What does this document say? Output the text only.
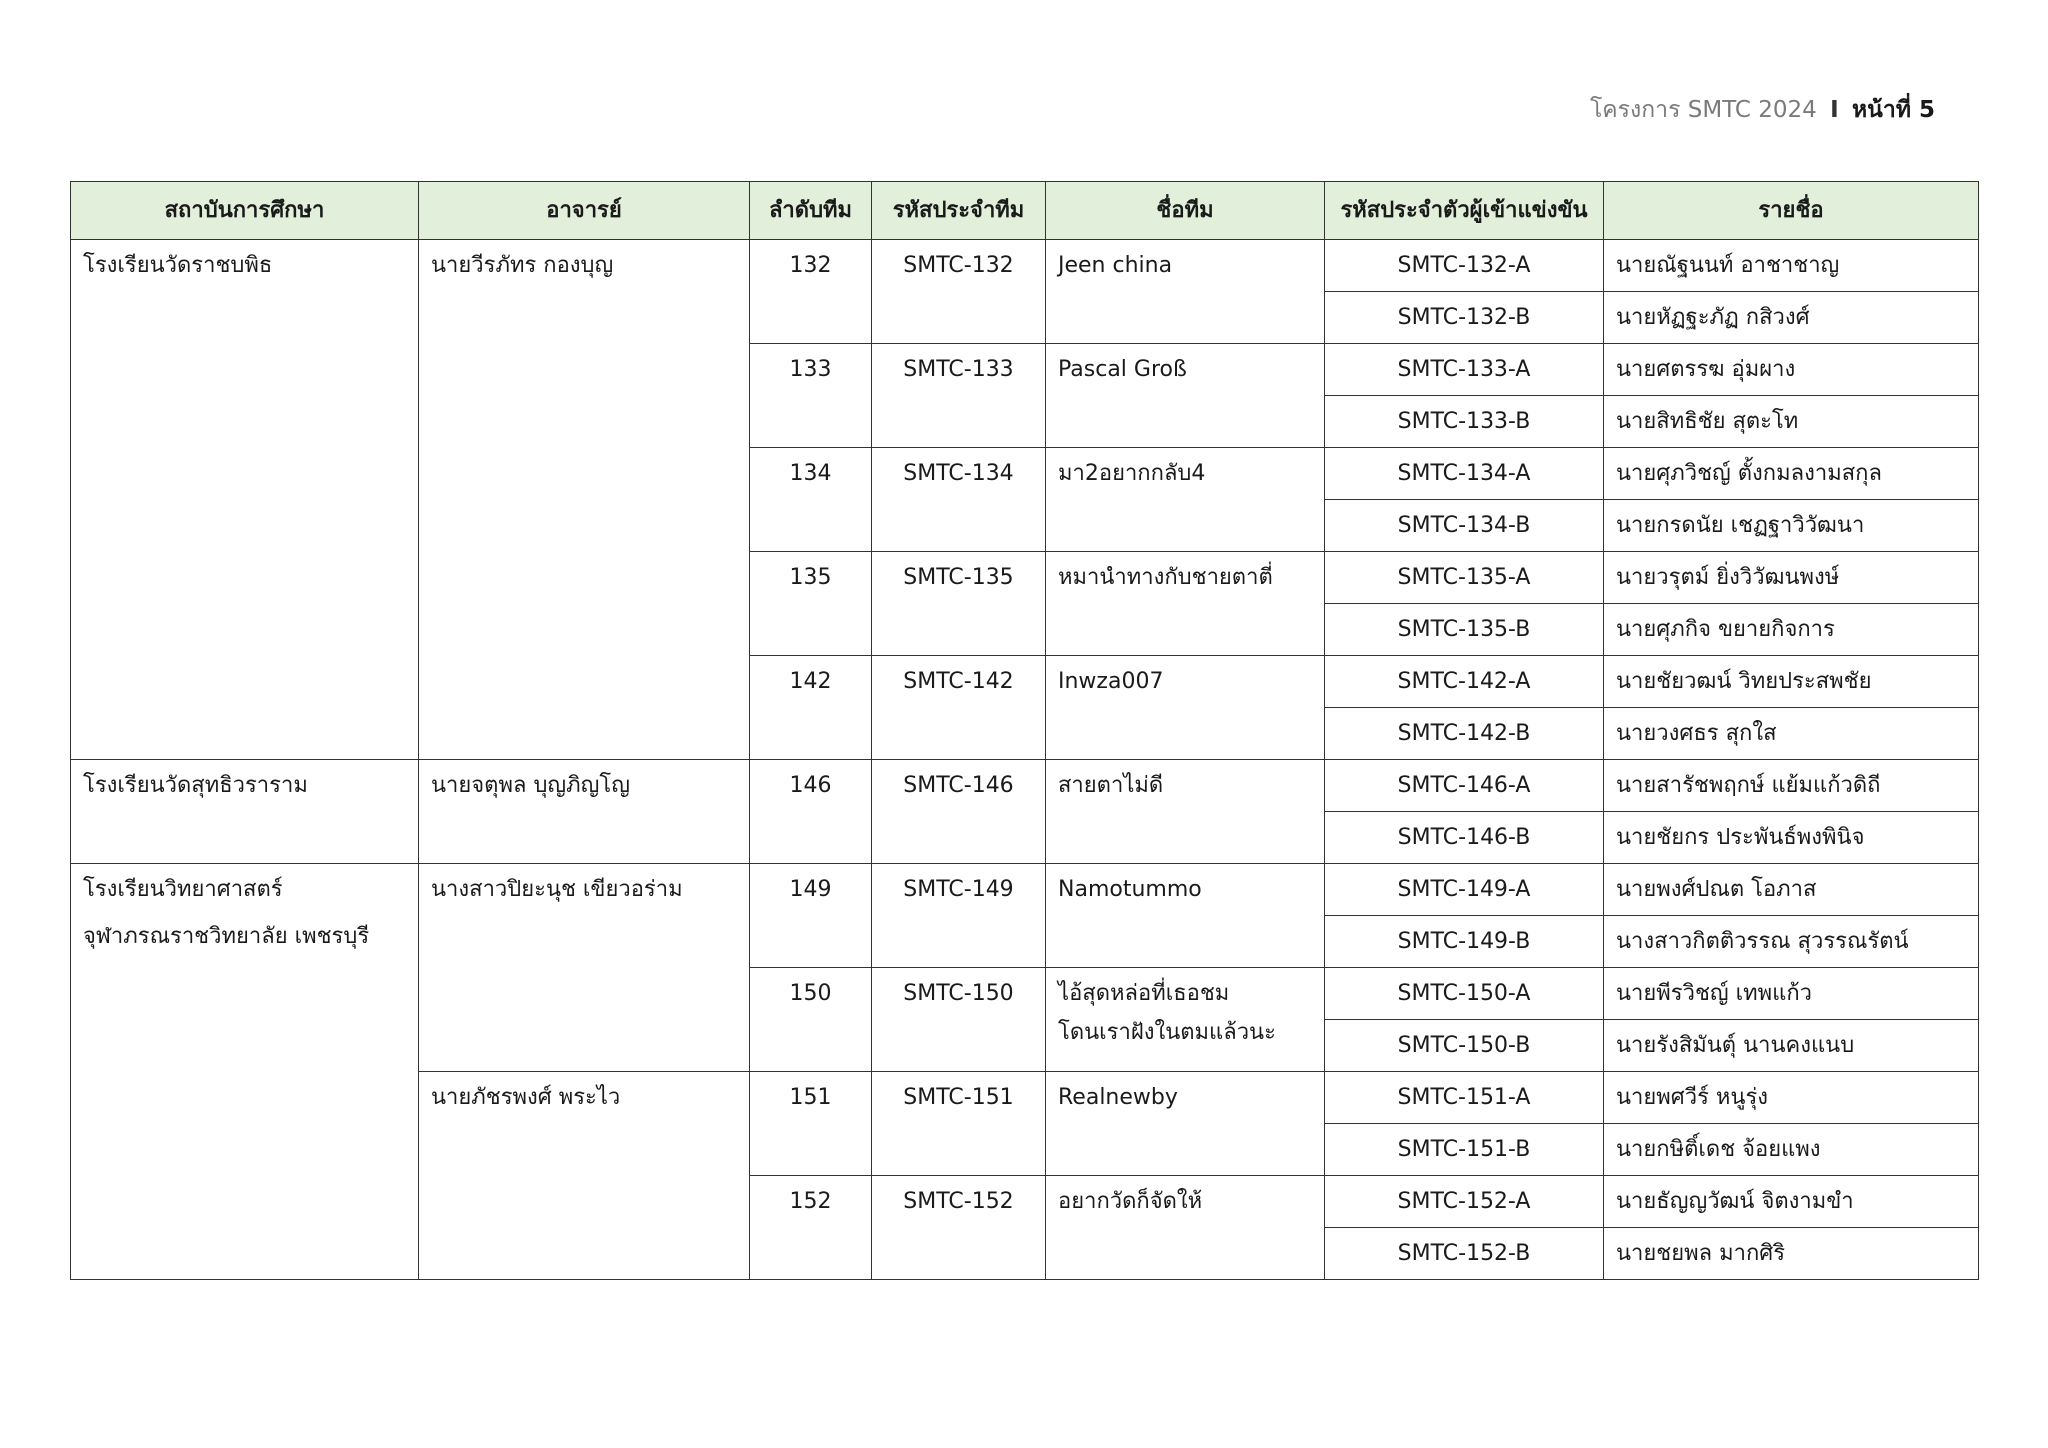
โครงการ SMTC 2024 I หน้าที่ 5
สถาบันการศึกษา	อาจารย์	ลำดับทีม	รหัสประจำทีม	ชื่อทีม	รหัสประจำตัวผู้เข้าแข่งขัน	รายชื่อ
โรงเรียนวัดราชบพิธ	นายวีรภัทร กองบุญ	132	SMTC-132	Jeen china	SMTC-132-A	นายณัฐนนท์ อาชาชาญ
					SMTC-132-B	นายหัฏฐะภัฏ กสิวงศ์
		133	SMTC-133	Pascal Groß	SMTC-133-A	นายศตรรฆ อุ่มผาง
					SMTC-133-B	นายสิทธิชัย สุตะโท
		134	SMTC-134	มา2อยากกลับ4	SMTC-134-A	นายศุภวิชญ์ ตั้งกมลงามสกุล
					SMTC-134-B	นายกรดนัย เชฏฐาวิวัฒนา
		135	SMTC-135	หมานำทางกับชายตาตี่	SMTC-135-A	นายวรุตม์ ยิ่งวิวัฒนพงษ์
					SMTC-135-B	นายศุภกิจ ขยายกิจการ
		142	SMTC-142	Inwza007	SMTC-142-A	นายชัยวฒน์ วิทยประสพชัย
					SMTC-142-B	นายวงศธร สุกใส
โรงเรียนวัดสุทธิวราราม	นายจตุพล บุญภิญโญ	146	SMTC-146	สายตาไม่ดี	SMTC-146-A	นายสารัชพฤกษ์ แย้มแก้วดิถี
					SMTC-146-B	นายชัยกร ประพันธ์พงพินิจ

โรงเรียนวิทยาศาสตร์
จุฬาภรณราชวิทยาลัย เพชรบุรี	นางสาวปิยะนุช เขียวอร่าม	149	SMTC-149	Namotummo	SMTC-149-A	นายพงศ์ปณต โอภาส
					SMTC-149-B	นางสาวกิตติวรรณ สุวรรณรัตน์
		150	SMTC-150	ไอ้สุดหล่อที่เธอชม
โดนเราฝังในตมแล้วนะ	SMTC-150-A	นายพีรวิชญ์ เทพแก้ว
					SMTC-150-B	นายรังสิมันตุ์ นานคงแนบ
	นายภัชรพงศ์ พระไว	151	SMTC-151	Realnewby	SMTC-151-A	นายพศวีร์ หนูรุ่ง
					SMTC-151-B	นายกษิติ์เดช จ้อยแพง
		152	SMTC-152	อยากวัดก็จัดให้	SMTC-152-A	นายธัญญวัฒน์ จิตงามขำ
					SMTC-152-B	นายชยพล มากศิริ
